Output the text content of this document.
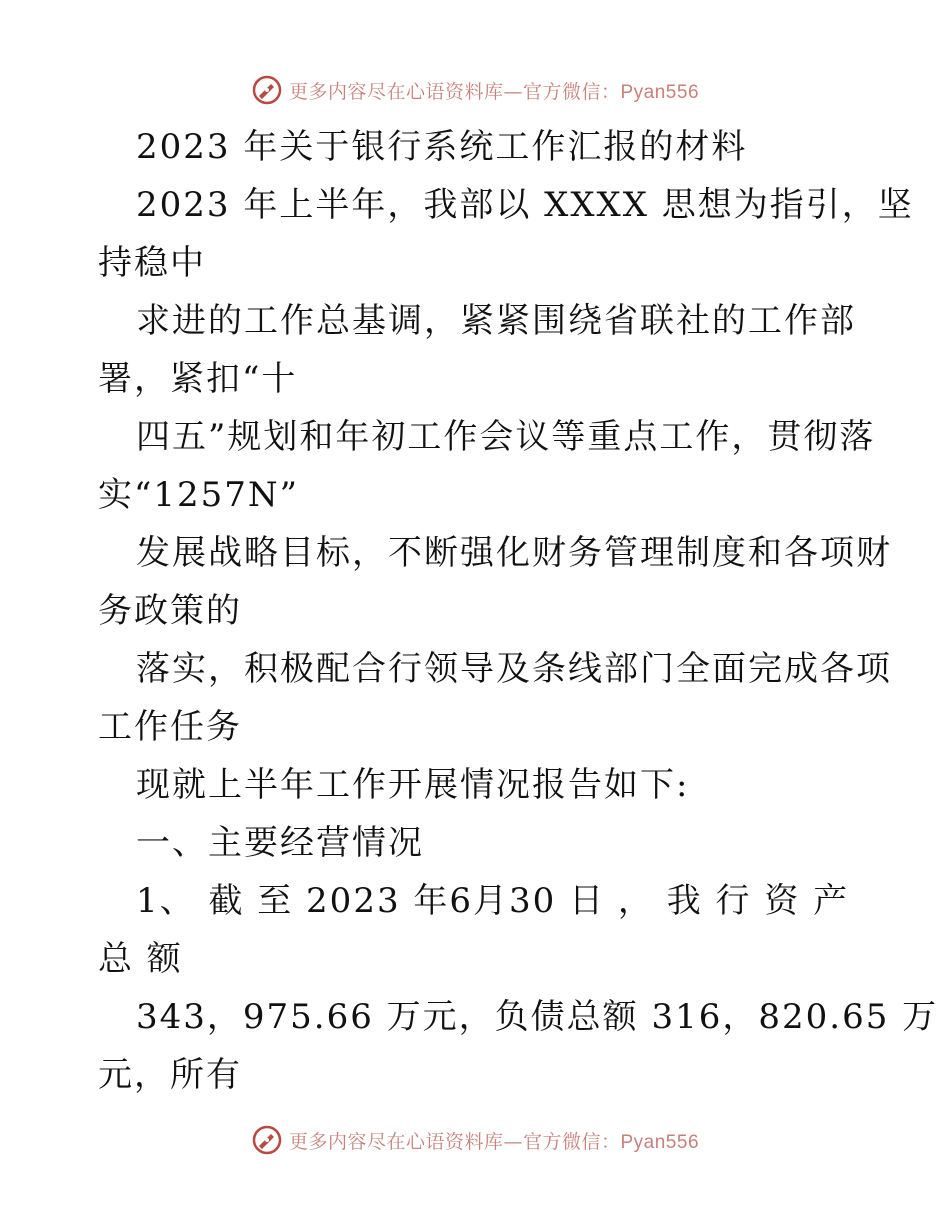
更多内容尽在心语资料库—官方微信：Pyan556
2023 年关于银行系统工作汇报的材料
2023 年上半年，我部以 XXXX 思想为指引，坚
持稳中
求进的工作总基调，紧紧围绕省联社的工作部
署，紧扣“十
四五”规划和年初工作会议等重点工作，贯彻落
实“1257N”
发展战略目标，不断强化财务管理制度和各项财
务政策的
落实，积极配合行领导及条线部门全面完成各项
工作任务
现就上半年工作开展情况报告如下:
一、主要经营情况
1、 截 至 2023 年6月30 日 ， 我 行 资 产
总 额
343，975.66 万元，负债总额 316，820.65 万
元，所有
更多内容尽在心语资料库—官方微信：Pyan556
